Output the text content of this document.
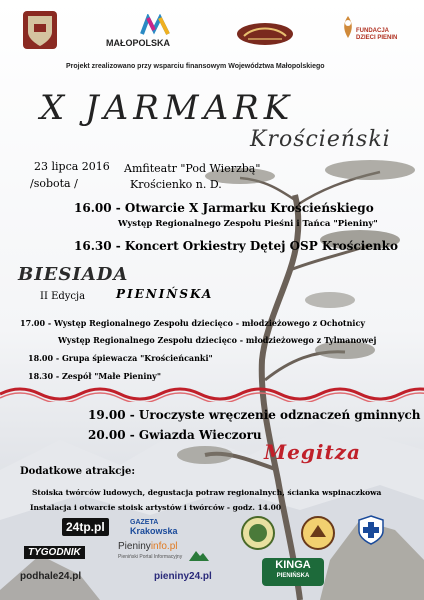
MAŁOPOLSKA
FUNDACJA
DZIECI PIENIN
Projekt zrealizowano przy wsparciu finansowym Województwa Małopolskiego
X JARMARK
Krościeński
23 lipca 2016
/sobota /
Amfiteatr "Pod Wierzbą"
Krościenko n. D.
16.00 - Otwarcie X Jarmarku Krościeńskiego
Występ Regionalnego Zespołu Pieśni i Tańca "Pieniny"
16.30 - Koncert Orkiestry Dętej OSP Krościenko
BIESIADA
II Edycja	PIENIŃSKA
17.00 - Występ Regionalnego Zespołu dziecięco - młodzieżowego z Ochotnicy
Występ Regionalnego Zespołu dziecięco - młodzieżowego z Tylmanowej
18.00 - Grupa śpiewacza "Krościeńcanki"
18.30 - Zespół "Małe Pieniny"
19.00 - Uroczyste wręczenie odznaczeń gminnych
20.00 - Gwiazda Wieczoru
Megitza
Dodatkowe atrakcje:
Stoiska twórców ludowych, degustacja potraw regionalnych, ścianka wspinaczkowa
Instalacja i otwarcie stoisk artystów i twórców - godz. 14.00
24tp.pl	GAZETA
Krakowska
TYGODNIK
Pieninyinfo.pl
Pieniński Portal Informacyjny
podhale24.pl	pieniny24.pl
KINGA
PIENIŃSKA
